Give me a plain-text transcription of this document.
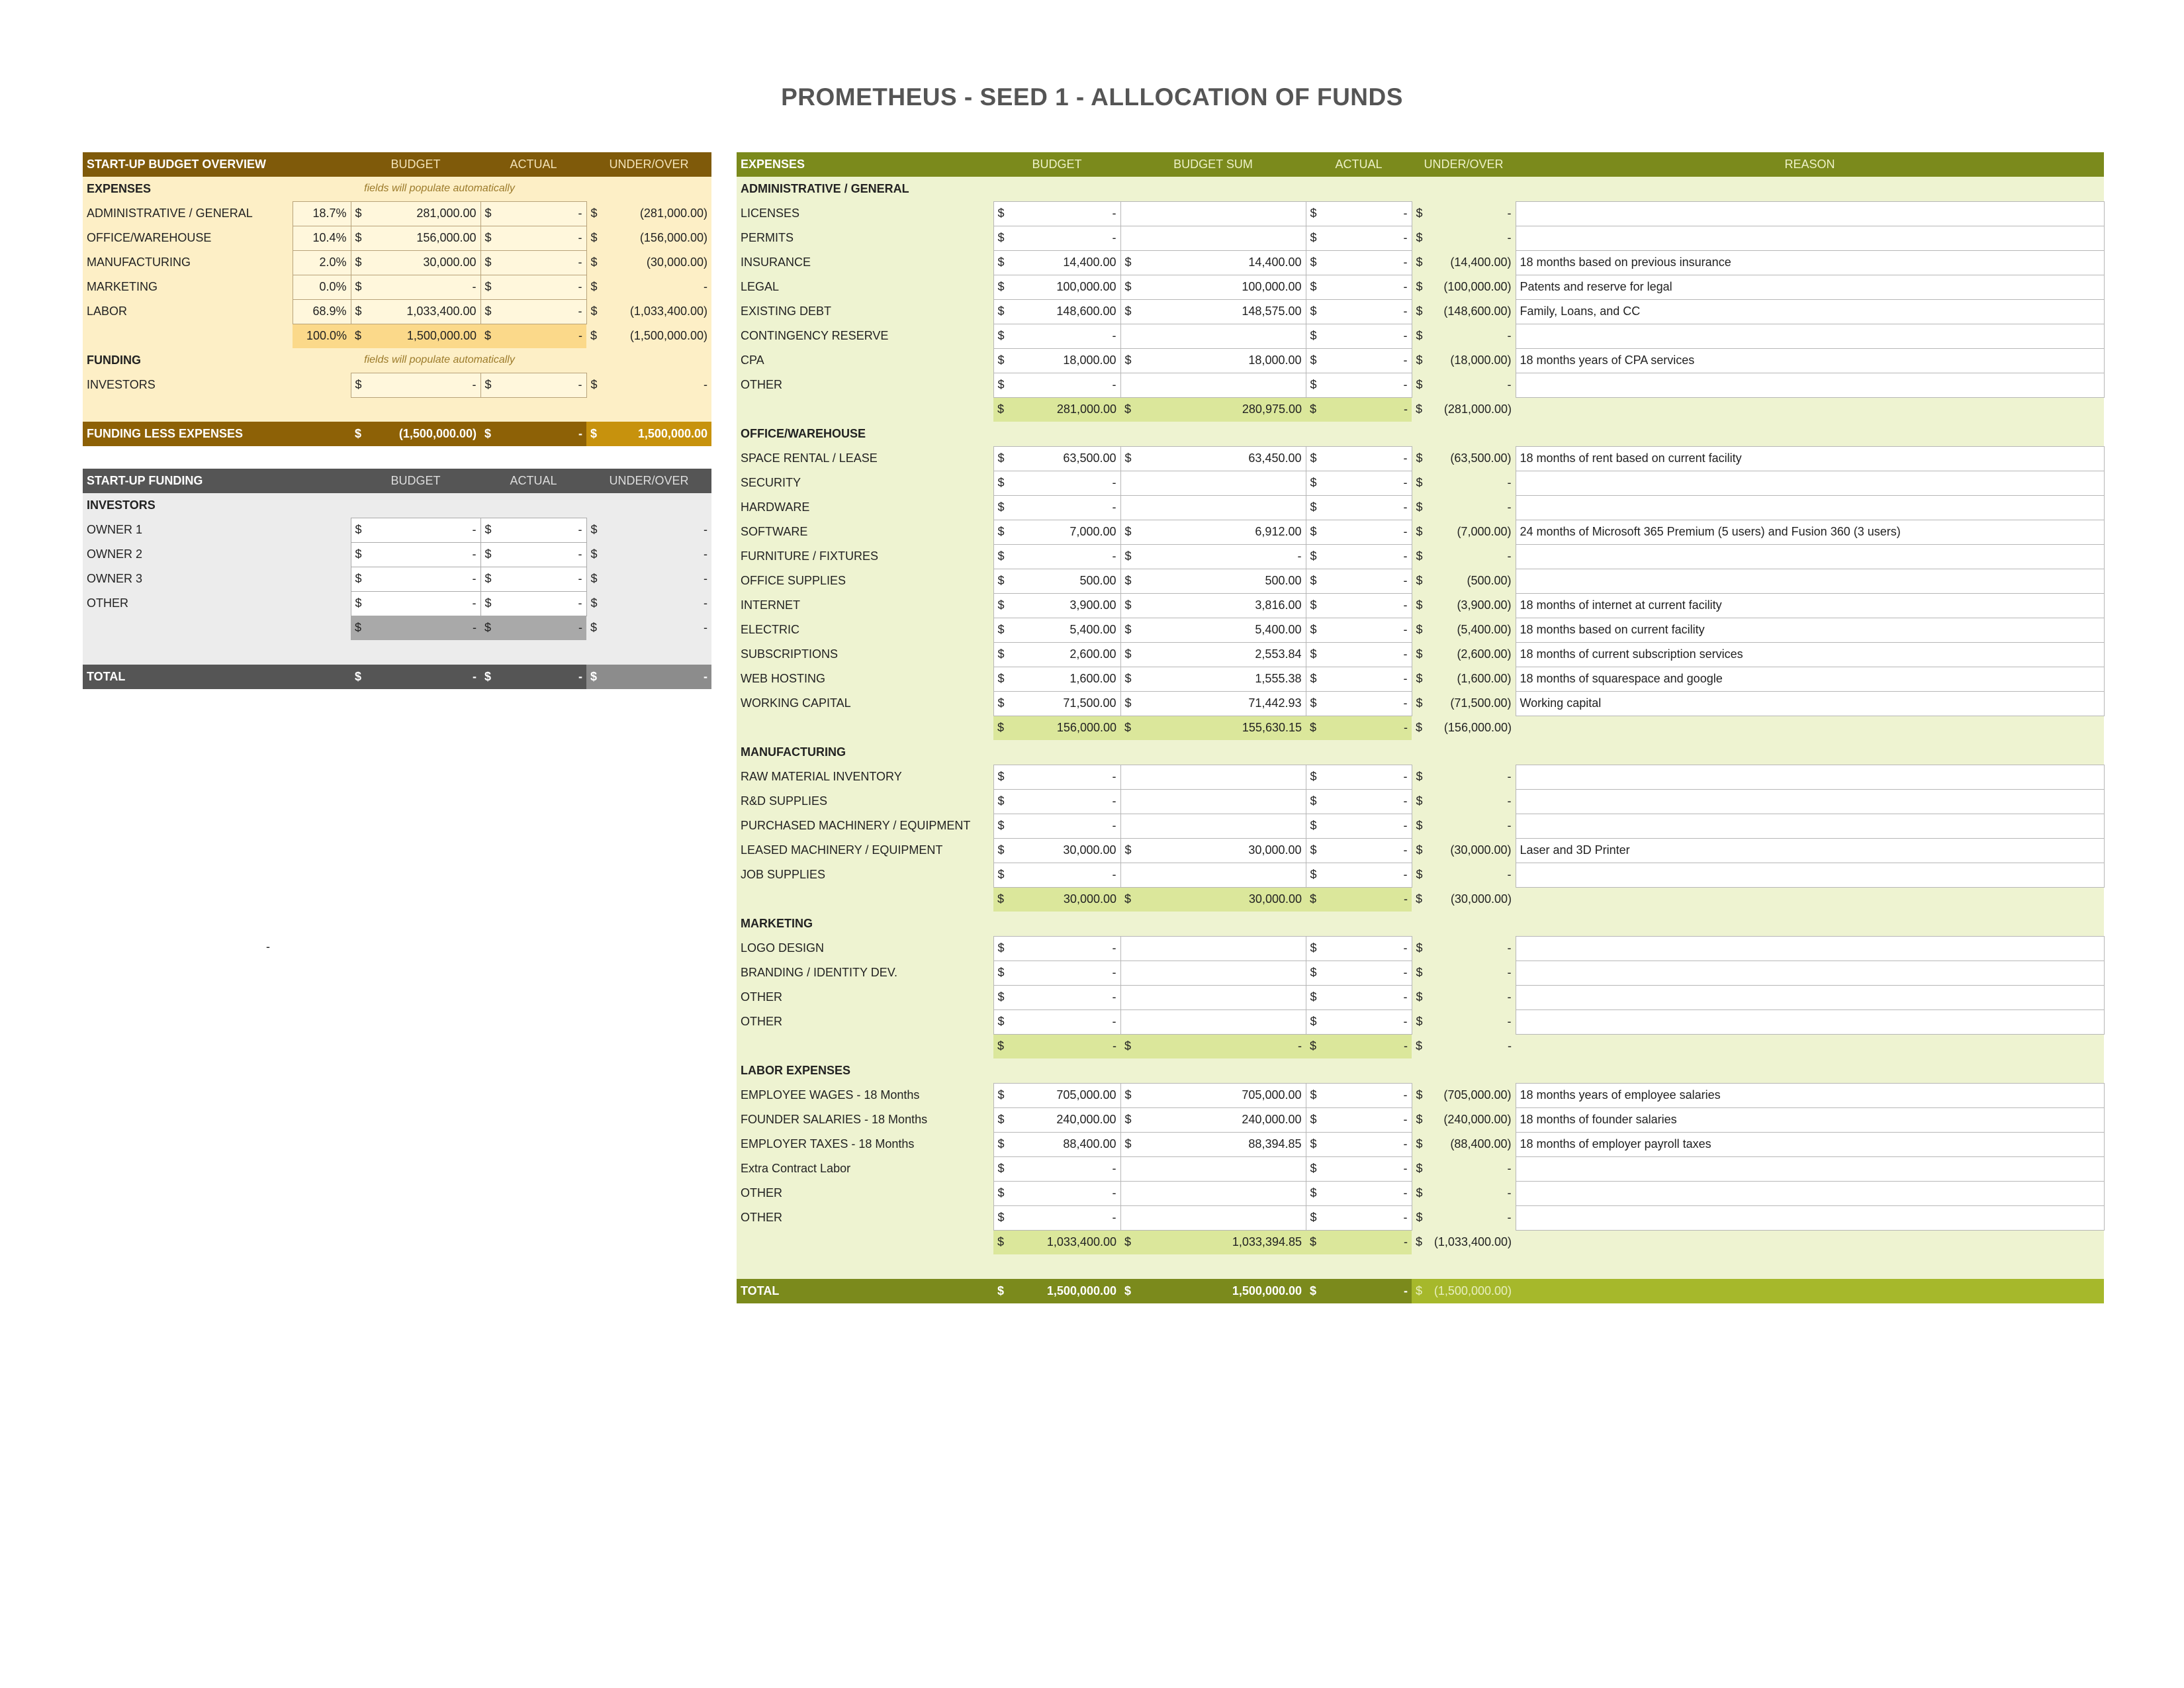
PROMETHEUS - SEED 1 - ALLLOCATION OF FUNDS
START-UP BUDGET OVERVIEW		BUDGET	ACTUAL	UNDER/OVER
EXPENSES	fields will populate automatically			
ADMINISTRATIVE / GENERAL	18.7%	$ 281,000.00	$ -	$ (281,000.00)

OFFICE/WAREHOUSE	10.4%	$ 156,000.00	$ -	$ (156,000.00)

MANUFACTURING	2.0%	$ 30,000.00	$ -	$ (30,000.00)

MARKETING	0.0%	$ -	$ -	$ -

LABOR	68.9%	$ 1,033,400.00	$ -	$ (1,033,400.00)

	100.0%	$ 1,500,000.00	$ -	$ (1,500,000.00)

FUNDING	fields will populate automatically			
INVESTORS		$ -	$ -	$ -

FUNDING LESS EXPENSES		$ (1,500,000.00)	$ -	$ 1,500,000.00
START-UP FUNDING	BUDGET	ACTUAL	UNDER/OVER
INVESTORS			
OWNER 1	$ -	$ -	$ -

OWNER 2	$ -	$ -	$ -

OWNER 3	$ -	$ -	$ -

OTHER	$ -	$ -	$ -

	$ -	$ -	$ -

TOTAL	$ -	$ -	$ -
EXPENSES	BUDGET	BUDGET SUM	ACTUAL	UNDER/OVER	REASON
ADMINISTRATIVE / GENERAL					
LICENSES	$ -		$ -	$ -	

PERMITS	$ -		$ -	$ -	

INSURANCE	$ 14,400.00	$ 14,400.00	$ -	$ (14,400.00)	18 months based on previous insurance
LEGAL	$ 100,000.00	$ 100,000.00	$ -	$ (100,000.00)	Patents and reserve for legal
EXISTING DEBT	$ 148,600.00	$ 148,575.00	$ -	$ (148,600.00)	Family, Loans, and CC
CONTINGENCY RESERVE	$ -		$ -	$ -	

CPA	$ 18,000.00	$ 18,000.00	$ -	$ (18,000.00)	18 months years of CPA services
OTHER	$ -		$ -	$ -	

	$ 281,000.00	$ 280,975.00	$ -	$ (281,000.00)	

OFFICE/WAREHOUSE					
SPACE RENTAL / LEASE	$ 63,500.00	$ 63,450.00	$ -	$ (63,500.00)	18 months of rent based on current facility
SECURITY	$ -		$ -	$ -	

HARDWARE	$ -		$ -	$ -	

SOFTWARE	$ 7,000.00	$ 6,912.00	$ -	$ (7,000.00)	24 months of Microsoft 365 Premium (5 users) and Fusion 360 (3 users)
FURNITURE / FIXTURES	$ -	$ -	$ -	$ -	

OFFICE SUPPLIES	$ 500.00	$ 500.00	$ -	$ (500.00)	

INTERNET	$ 3,900.00	$ 3,816.00	$ -	$ (3,900.00)	18 months of internet at current facility
ELECTRIC	$ 5,400.00	$ 5,400.00	$ -	$ (5,400.00)	18 months based on current facility
SUBSCRIPTIONS	$ 2,600.00	$ 2,553.84	$ -	$ (2,600.00)	18 months of current subscription services
WEB HOSTING	$ 1,600.00	$ 1,555.38	$ -	$ (1,600.00)	18 months of squarespace and google
WORKING CAPITAL	$ 71,500.00	$ 71,442.93	$ -	$ (71,500.00)	Working capital

	$ 156,000.00	$ 155,630.15	$ -	$ (156,000.00)	

MANUFACTURING					
RAW MATERIAL INVENTORY	$ -		$ -	$ -	

R&D SUPPLIES	$ -		$ -	$ -	

PURCHASED MACHINERY / EQUIPMENT	$ -		$ -	$ -	

LEASED MACHINERY / EQUIPMENT	$ 30,000.00	$ 30,000.00	$ -	$ (30,000.00)	Laser and 3D Printer
JOB SUPPLIES	$ -		$ -	$ -	

	$ 30,000.00	$ 30,000.00	$ -	$ (30,000.00)	

MARKETING					
LOGO DESIGN	$ -		$ -	$ -	

BRANDING / IDENTITY DEV.	$ -		$ -	$ -	

OTHER	$ -		$ -	$ -	

OTHER	$ -		$ -	$ -	

	$ -	$ -	$ -	$ -	

LABOR EXPENSES					
EMPLOYEE WAGES - 18 Months	$ 705,000.00	$ 705,000.00	$ -	$ (705,000.00)	18 months years of employee salaries
FOUNDER SALARIES - 18 Months	$ 240,000.00	$ 240,000.00	$ -	$ (240,000.00)	18 months of founder salaries
EMPLOYER TAXES - 18 Months	$ 88,400.00	$ 88,394.85	$ -	$ (88,400.00)	18 months of employer payroll taxes
Extra Contract Labor	$ -		$ -	$ -	

OTHER	$ -		$ -	$ -	

OTHER	$ -		$ -	$ -	

	$ 1,033,400.00	$ 1,033,394.85	$ -	$ (1,033,400.00)	

TOTAL	$ 1,500,000.00	$ 1,500,000.00	$ -	$ (1,500,000.00)	

-
